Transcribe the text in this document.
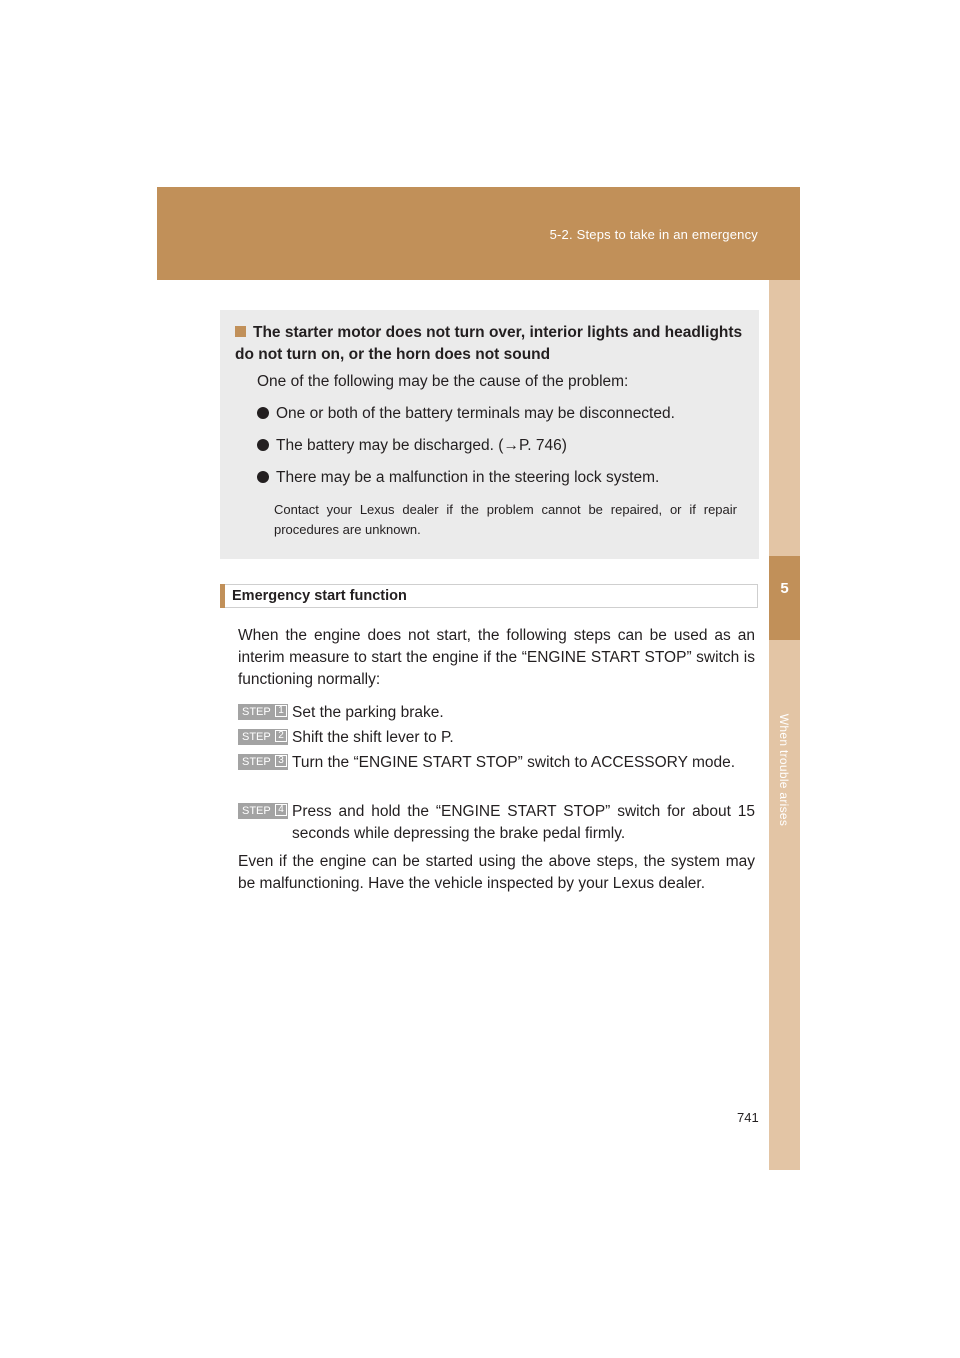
5-2. Steps to take in an emergency
5
When trouble arises
The starter motor does not turn over, interior lights and headlights do not turn on, or the horn does not sound
One of the following may be the cause of the problem:
One or both of the battery terminals may be disconnected.
The battery may be discharged. (→P. 746)
There may be a malfunction in the steering lock system.
Contact your Lexus dealer if the problem cannot be repaired, or if repair procedures are unknown.
Emergency start function
When the engine does not start, the following steps can be used as an interim measure to start the engine if the “ENGINE START STOP” switch is functioning normally:
STEP 1 Set the parking brake.
STEP 2 Shift the shift lever to P.
STEP 3 Turn the “ENGINE START STOP” switch to ACCESSORY mode.
STEP 4 Press and hold the “ENGINE START STOP” switch for about 15 seconds while depressing the brake pedal firmly.
Even if the engine can be started using the above steps, the system may be malfunctioning. Have the vehicle inspected by your Lexus dealer.
741
